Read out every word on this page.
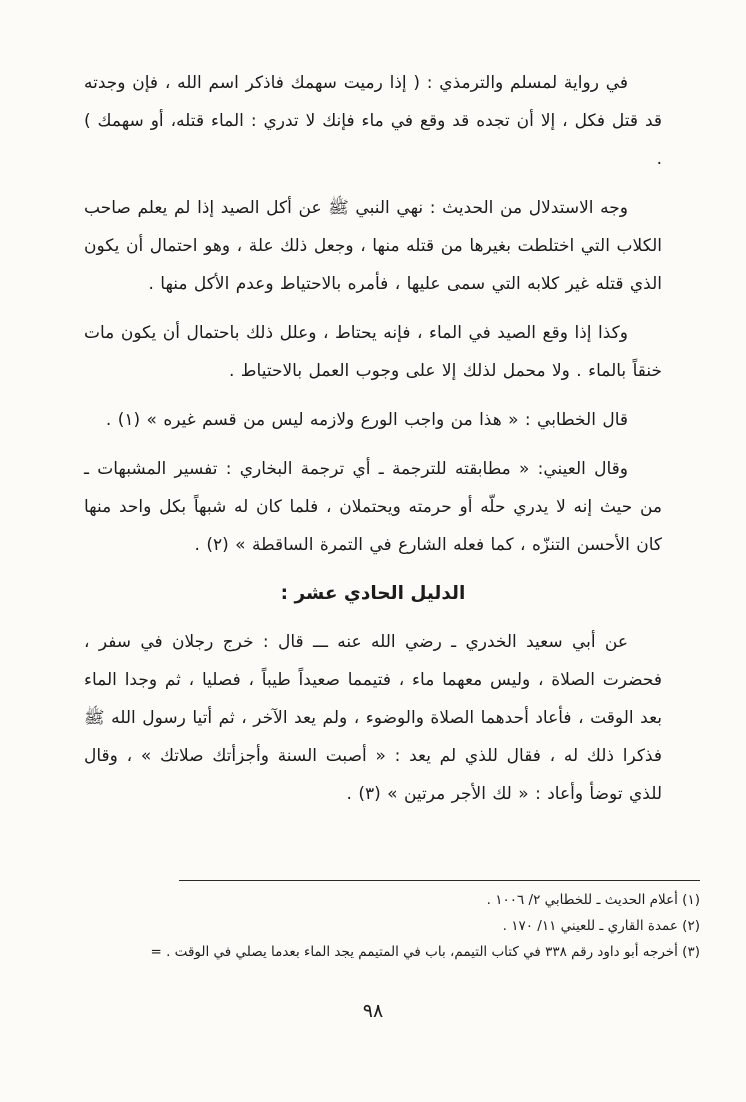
في رواية لمسلم والترمذي : ( إذا رميت سهمك فاذكر اسم الله ، فإن وجدته قد قتل فكل ، إلا أن تجده قد وقع في ماء فإنك لا تدري : الماء قتله، أو سهمك ) .

وجه الاستدلال من الحديث : نهي النبي ﷺ عن أكل الصيد إذا لم يعلم صاحب الكلاب التي اختلطت بغيرها من قتله منها ، وجعل ذلك علة ، وهو احتمال أن يكون الذي قتله غير كلابه التي سمى عليها ، فأمره بالاحتياط وعدم الأكل منها .

وكذا إذا وقع الصيد في الماء ، فإنه يحتاط ، وعلل ذلك باحتمال أن يكون مات خنقاً بالماء . ولا محمل لذلك إلا على وجوب العمل بالاحتياط .

قال الخطابي : « هذا من واجب الورع ولازمه ليس من قسم غيره » (١) .

وقال العيني: « مطابقته للترجمة ـ أي ترجمة البخاري : تفسير المشبهات ـ من حيث إنه لا يدري حلّه أو حرمته ويحتملان ، فلما كان له شبهاً بكل واحد منها كان الأحسن التنزّه ، كما فعله الشارع في التمرة الساقطة » (٢) .

الدليل الحادي عشر :

عن أبي سعيد الخدري ـ رضي الله عنه ـــ قال : خرج رجلان في سفر ، فحضرت الصلاة ، وليس معهما ماء ، فتيمما صعيداً طيباً ، فصليا ، ثم وجدا الماء بعد الوقت ، فأعاد أحدهما الصلاة والوضوء ، ولم يعد الآخر ، ثم أتيا رسول الله ﷺ فذكرا ذلك له ، فقال للذي لم يعد : « أصبت السنة وأجزأتك صلاتك » ، وقال للذي توضأ وأعاد : « لك الأجر مرتين » (٣) .

(١) أعلام الحديث ـ للخطابي ٢/ ١٠٠٦ .

(٢) عمدة القاري ـ للعيني ١١/ ١٧٠ .

(٣) أخرجه أبو داود رقم ٣٣٨ في كتاب التيمم، باب في المتيمم يجد الماء بعدما يصلي في الوقت . =

٩٨
